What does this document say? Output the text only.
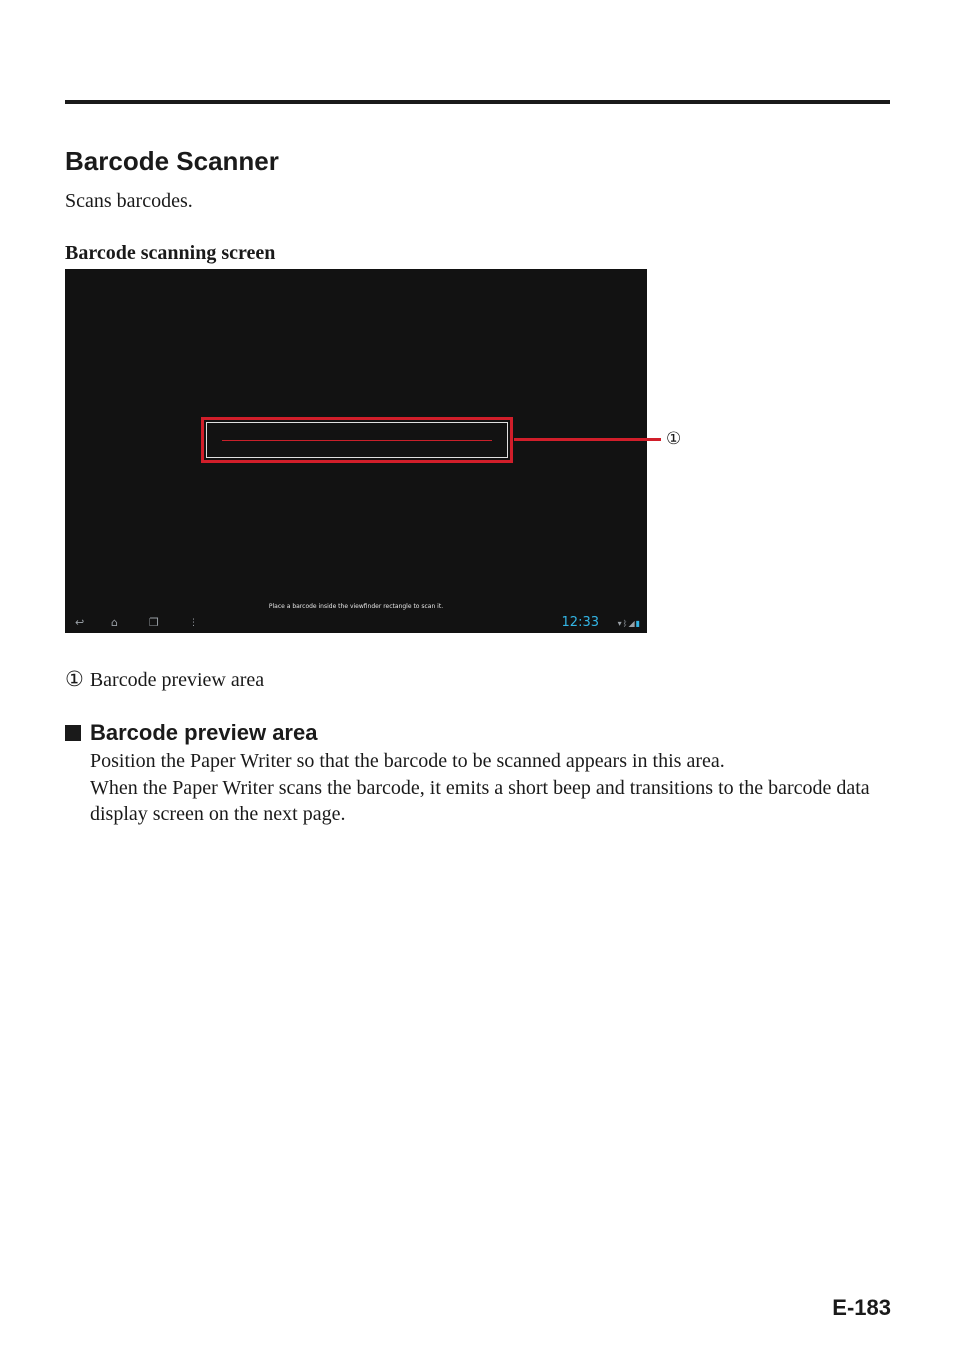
Barcode Scanner
Scans barcodes.
Barcode scanning screen
Place a barcode inside the viewfinder rectangle to scan it.
↩ ⌂	❐	⋮	12:33 ▾ᛒ◢▮
①
① Barcode preview area
Barcode preview area

Position the Paper Writer so that the barcode to be scanned appears in this area.

When the Paper Writer scans the barcode, it emits a short beep and transitions to the barcode data display screen on the next page.

E-183
